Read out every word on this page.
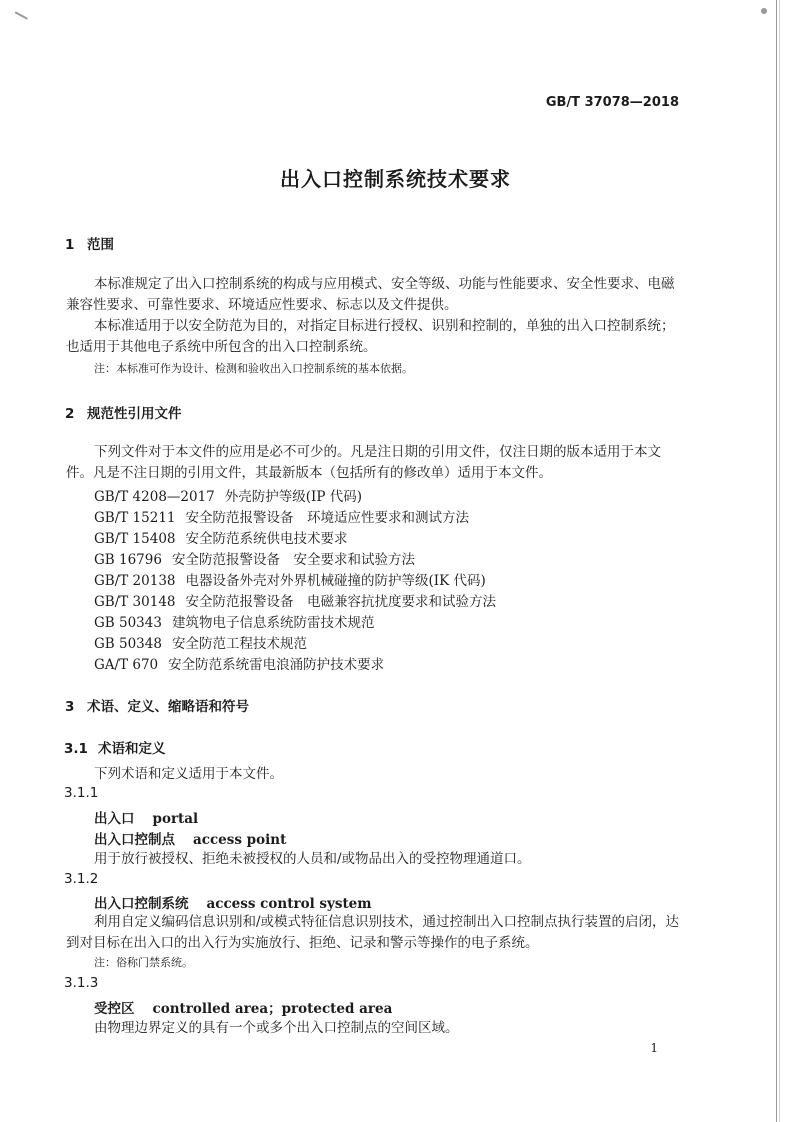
GB/T 37078—2018
出入口控制系统技术要求
1 范围
本标准规定了出入口控制系统的构成与应用模式、安全等级、功能与性能要求、安全性要求、电磁兼容性要求、可靠性要求、环境适应性要求、标志以及文件提供。
本标准适用于以安全防范为目的，对指定目标进行授权、识别和控制的，单独的出入口控制系统；也适用于其他电子系统中所包含的出入口控制系统。
注：本标准可作为设计、检测和验收出入口控制系统的基本依据。
2 规范性引用文件
下列文件对于本文件的应用是必不可少的。凡是注日期的引用文件，仅注日期的版本适用于本文件。凡是不注日期的引用文件，其最新版本（包括所有的修改单）适用于本文件。
GB/T 4208—2017 外壳防护等级(IP 代码)
GB/T 15211 安全防范报警设备　环境适应性要求和测试方法
GB/T 15408 安全防范系统供电技术要求
GB 16796 安全防范报警设备　安全要求和试验方法
GB/T 20138 电器设备外壳对外界机械碰撞的防护等级(IK 代码)
GB/T 30148 安全防范报警设备　电磁兼容抗扰度要求和试验方法
GB 50343 建筑物电子信息系统防雷技术规范
GB 50348 安全防范工程技术规范
GA/T 670 安全防范系统雷电浪涌防护技术要求
3 术语、定义、缩略语和符号
3.1 术语和定义
下列术语和定义适用于本文件。
3.1.1
出入口 portal
出入口控制点 access point
用于放行被授权、拒绝未被授权的人员和/或物品出入的受控物理通道口。
3.1.2
出入口控制系统 access control system
利用自定义编码信息识别和/或模式特征信息识别技术，通过控制出入口控制点执行装置的启闭，达到对目标在出入口的出入行为实施放行、拒绝、记录和警示等操作的电子系统。
注：俗称门禁系统。
3.1.3
受控区 controlled area；protected area
由物理边界定义的具有一个或多个出入口控制点的空间区域。
1
